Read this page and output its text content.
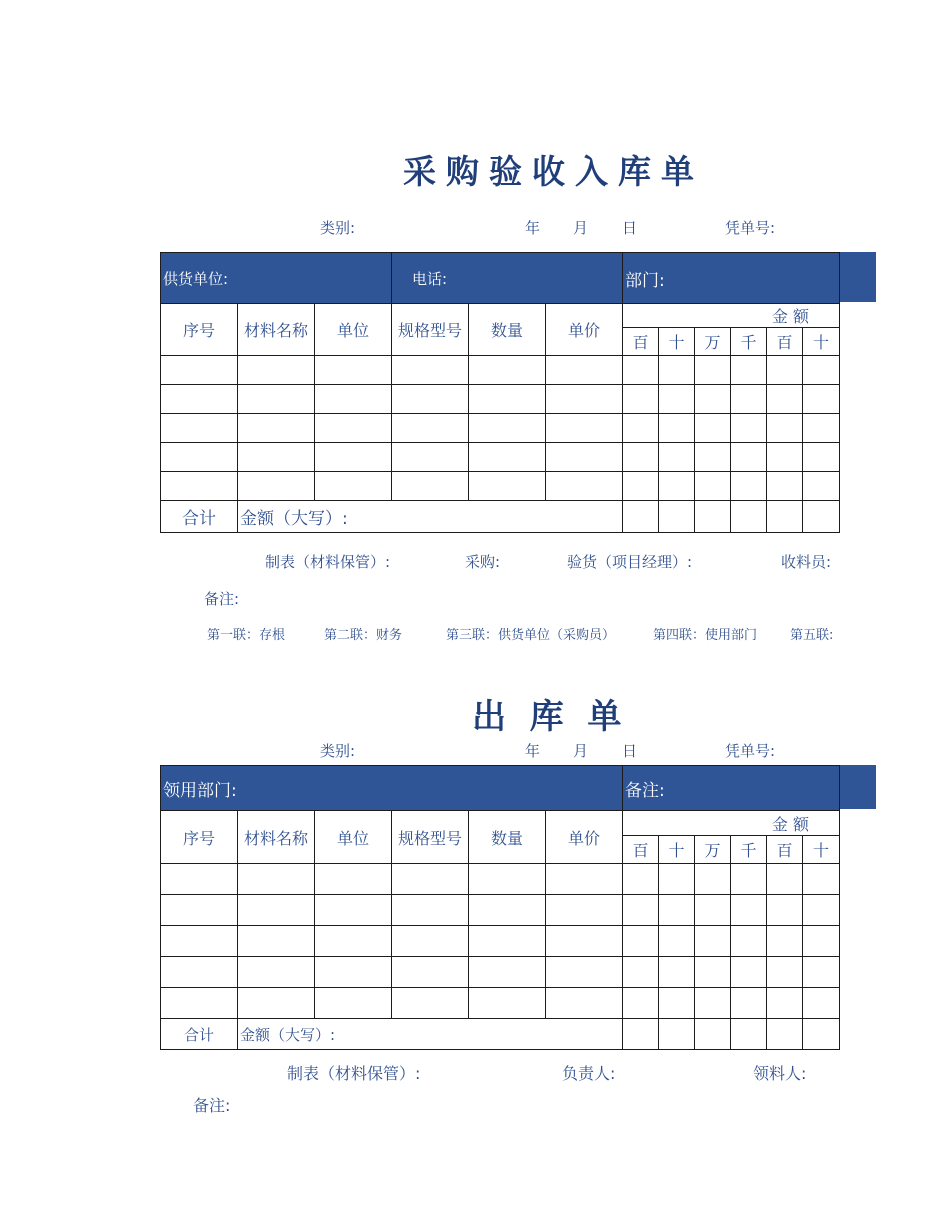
采购验收入库单
类别:	年 月 日	凭单号:
供货单位:			电话:			部门:					
序号	材料名称	单位	规格型号	数量	单价	金 额					
						百	十	万	千	百	十

合计	金额（大写）:										
制表（材料保管）:	采购:	验货（项目经理）:	收料员:
备注:
第一联：存根	第二联：财务	第三联：供货单位（采购员）	第四联：使用部门	第五联:
出  库  单
类别:	年 月 日	凭单号:
领用部门:						备注:					
序号	材料名称	单位	规格型号	数量	单价	金 额					
						百	十	万	千	百	十

合计	金额（大写）:										
制表（材料保管）:	负责人:	领料人:
备注:
